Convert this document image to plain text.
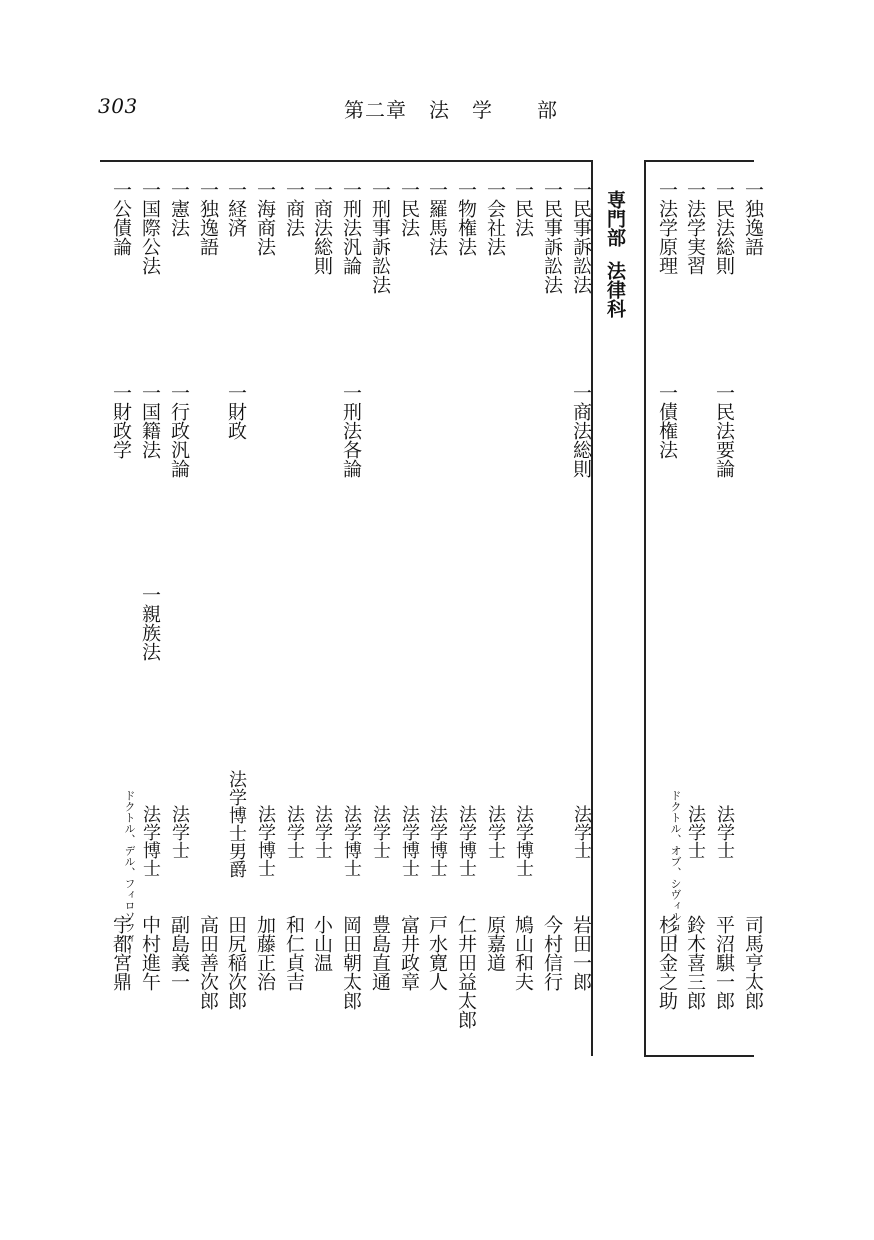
303	第二章 法 学 部
専門部法律科
一独逸語
司馬亨太郎
一民法総則
一民法要論
法学士
平沼騏一郎
一法学実習
法学士
鈴木喜三郎
一法学原理
一債権法
ドクトル、オブ、シヴィルロー
杉田金之助
一民事訴訟法
一商法総則
法学士
岩田一郎
一民事訴訟法
今村信行
一民法
法学博士
鳩山和夫
一会社法
法学士
原嘉道
一物権法
法学博士
仁井田益太郎
一羅馬法
法学博士
戸水寛人
一民法
法学博士
富井政章
一刑事訴訟法
法学士
豊島直通
一刑法汎論
一刑法各論
法学博士
岡田朝太郎
一商法総則
法学士
小山温
一商法
法学士
和仁貞吉
一海商法
法学博士
加藤正治
一経済
一財政
法学博士男爵
田尻稲次郎
一独逸語
高田善次郎
一憲法
一行政汎論
法学士
副島義一
一国際公法
一国籍法
一親族法
法学博士
中村進午
一公債論
一財政学
ドクトル、デル、フィロソフィー
宇都宮鼎
